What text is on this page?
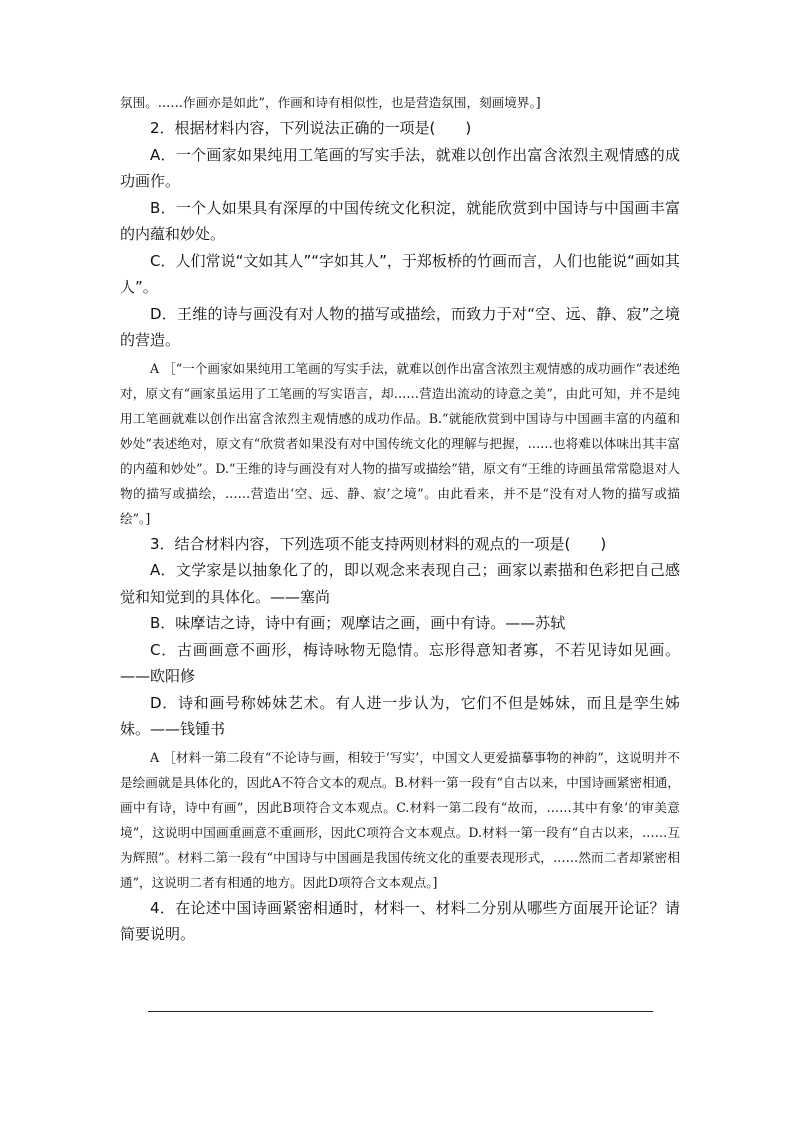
氛围。……作画亦是如此”，作画和诗有相似性，也是营造氛围，刻画境界。]

2．根据材料内容，下列说法正确的一项是(　　)

A．一个画家如果纯用工笔画的写实手法，就难以创作出富含浓烈主观情感的成功画作。

B．一个人如果具有深厚的中国传统文化积淀，就能欣赏到中国诗与中国画丰富的内蕴和妙处。

C．人们常说“文如其人”“字如其人”，于郑板桥的竹画而言，人们也能说“画如其人”。

D．王维的诗与画没有对人物的描写或描绘，而致力于对“空、远、静、寂”之境的营造。

A ［“一个画家如果纯用工笔画的写实手法，就难以创作出富含浓烈主观情感的成功画作”表述绝对，原文有“画家虽运用了工笔画的写实语言，却……营造出流动的诗意之美”，由此可知，并不是纯用工笔画就难以创作出富含浓烈主观情感的成功作品。B.“就能欣赏到中国诗与中国画丰富的内蕴和妙处”表述绝对，原文有“欣赏者如果没有对中国传统文化的理解与把握，……也将难以体味出其丰富的内蕴和妙处”。D.“王维的诗与画没有对人物的描写或描绘”错，原文有“王维的诗画虽常常隐退对人物的描写或描绘，……营造出‘空、远、静、寂’之境”。由此看来，并不是“没有对人物的描写或描绘”。]

3．结合材料内容，下列选项不能支持两则材料的观点的一项是(　　)

A．文学家是以抽象化了的，即以观念来表现自己；画家以素描和色彩把自己感觉和知觉到的具体化。——塞尚

B．味摩诘之诗，诗中有画；观摩诘之画，画中有诗。——苏轼

C．古画画意不画形，梅诗咏物无隐情。忘形得意知者寡，不若见诗如见画。——欧阳修

D．诗和画号称姊妹艺术。有人进一步认为，它们不但是姊妹，而且是孪生姊妹。——钱锺书

A ［材料一第二段有“不论诗与画，相较于‘写实’，中国文人更爱描摹事物的神韵”，这说明并不是绘画就是具体化的，因此A不符合文本的观点。B.材料一第一段有“自古以来，中国诗画紧密相通，画中有诗，诗中有画”，因此B项符合文本观点。C.材料一第二段有“故而，……其中有象’的审美意境”，这说明中国画重画意不重画形，因此C项符合文本观点。D.材料一第一段有“自古以来，……互为辉照”。材料二第一段有“中国诗与中国画是我国传统文化的重要表现形式，……然而二者却紧密相通”，这说明二者有相通的地方。因此D项符合文本观点。]

4．在论述中国诗画紧密相通时，材料一、材料二分别从哪些方面展开论证？请简要说明。
